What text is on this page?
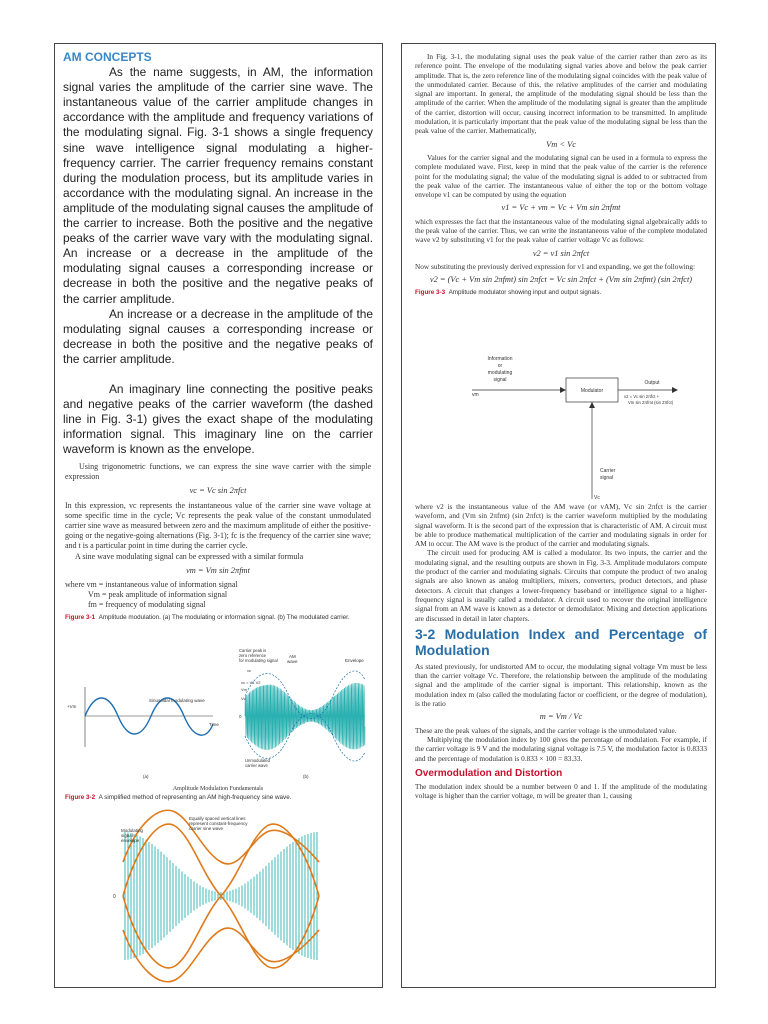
AM CONCEPTS

As the name suggests, in AM, the information signal varies the amplitude of the carrier sine wave. The instantaneous value of the carrier amplitude changes in accordance with the amplitude and frequency variations of the modulating signal. Fig. 3-1 shows a single frequency sine wave intelligence signal modulating a higher-frequency carrier. The carrier frequency remains constant during the modulation process, but its amplitude varies in accordance with the modulating signal. An increase in the amplitude of the modulating signal causes the amplitude of the carrier to increase. Both the positive and the negative peaks of the carrier wave vary with the modulating signal. An increase or a decrease in the amplitude of the modulating signal causes a corresponding increase or decrease in both the positive and the negative peaks of the carrier amplitude.

An increase or a decrease in the amplitude of the modulating signal causes a corresponding increase or decrease in both the positive and the negative peaks of the carrier amplitude.

An imaginary line connecting the positive peaks and negative peaks of the carrier waveform (the dashed line in Fig. 3-1) gives the exact shape of the modulating information signal. This imaginary line on the carrier waveform is known as the envelope.

Using trigonometric functions, we can express the sine wave carrier with the simple expression

vc = Vc sin 2πfct

In this expression, vc represents the instantaneous value of the carrier sine wave voltage at some specific time in the cycle; Vc represents the peak value of the constant unmodulated carrier sine wave as measured between zero and the maximum amplitude of either the positive-going or the negative-going alternations (Fig. 3-1); fc is the frequency of the carrier sine wave; and t is a particular point in time during the carrier cycle.

A sine wave modulating signal can be expressed with a similar formula

vm = Vm sin 2πfmt

where vm = instantaneous value of information signal

Vm = peak amplitude of information signal

fm = frequency of modulating signal

Figure 3-1 Amplitude modulation. (a) The modulating or information signal. (b) The modulated carrier.
Sinusoidal modulating wave
+Vm
Time
(a)
Carrier peak is
zero reference
for modulating signal
AM
wave	Envelope
vc
vc = V1 V2
Vm
Vc
0
Unmodulated
carrier wave
(b)
Amplitude Modulation Fundamentals
Figure 3-2 A simplified method of representing an AM high-frequency sine wave.
Equally spaced vertical lines
represent constant-frequency
carrier sine wave
Modulating
signal
envelope
0

In Fig. 3-1, the modulating signal uses the peak value of the carrier rather than zero as its reference point. The envelope of the modulating signal varies above and below the peak carrier amplitude. That is, the zero reference line of the modulating signal coincides with the peak value of the unmodulated carrier. Because of this, the relative amplitudes of the carrier and modulating signal are important. In general, the amplitude of the modulating signal should be less than the amplitude of the carrier. When the amplitude of the modulating signal is greater than the amplitude of the carrier, distortion will occur, causing incorrect information to be transmitted. In amplitude modulation, it is particularly important that the peak value of the modulating signal be less than the peak value of the carrier. Mathematically,

Vm < Vc

Values for the carrier signal and the modulating signal can be used in a formula to express the complete modulated wave. First, keep in mind that the peak value of the carrier is the reference point for the modulating signal; the value of the modulating signal is added to or subtracted from the peak value of the carrier. The instantaneous value of either the top or the bottom voltage envelope v1 can be computed by using the equation

v1 = Vc + vm = Vc + Vm sin 2πfmt

which expresses the fact that the instantaneous value of the modulating signal algebraically adds to the peak value of the carrier. Thus, we can write the instantaneous value of the complete modulated wave v2 by substituting v1 for the peak value of carrier voltage Vc as follows:

v2 = v1 sin 2πfct

Now substituting the previously derived expression for v1 and expanding, we get the following:

v2 = (Vc + Vm sin 2πfmt) sin 2πfct = Vc sin 2πfct + (Vm sin 2πfmt) (sin 2πfct)
Figure 3-3 Amplitude modulator showing input and output signals.
Information
or
modulating
signal
vm
Modulator
Output
v2 = Vc sin 2πfct +
Vm sin 2πfmt (sin 2πfct)
Carrier
signal
Vc

where v2 is the instantaneous value of the AM wave (or vAM), Vc sin 2πfct is the carrier waveform, and (Vm sin 2πfmt) (sin 2πfct) is the carrier waveform multiplied by the modulating signal waveform. It is the second part of the expression that is characteristic of AM. A circuit must be able to produce mathematical multiplication of the carrier and modulating signals in order for AM to occur. The AM wave is the product of the carrier and modulating signals.

The circuit used for producing AM is called a modulator. Its two inputs, the carrier and the modulating signal, and the resulting outputs are shown in Fig. 3-3. Amplitude modulators compute the product of the carrier and modulating signals. Circuits that compute the product of two analog signals are also known as analog multipliers, mixers, converters, product detectors, and phase detectors. A circuit that changes a lower-frequency baseband or intelligence signal to a higher-frequency signal is usually called a modulator. A circuit used to recover the original intelligence signal from an AM wave is known as a detector or demodulator. Mixing and detection applications are discussed in detail in later chapters.

3-2 Modulation Index and Percentage of Modulation

As stated previously, for undistorted AM to occur, the modulating signal voltage Vm must be less than the carrier voltage Vc. Therefore, the relationship between the amplitude of the modulating signal and the amplitude of the carrier signal is important. This relationship, known as the modulation index m (also called the modulating factor or coefficient, or the degree of modulation), is the ratio

m = Vm / Vc

These are the peak values of the signals, and the carrier voltage is the unmodulated value.

Multiplying the modulation index by 100 gives the percentage of modulation. For example, if the carrier voltage is 9 V and the modulating signal voltage is 7.5 V, the modulation factor is 0.8333 and the percentage of modulation is 0.833 × 100 = 83.33.

Overmodulation and Distortion

The modulation index should be a number between 0 and 1. If the amplitude of the modulating voltage is higher than the carrier voltage, m will be greater than 1, causing
